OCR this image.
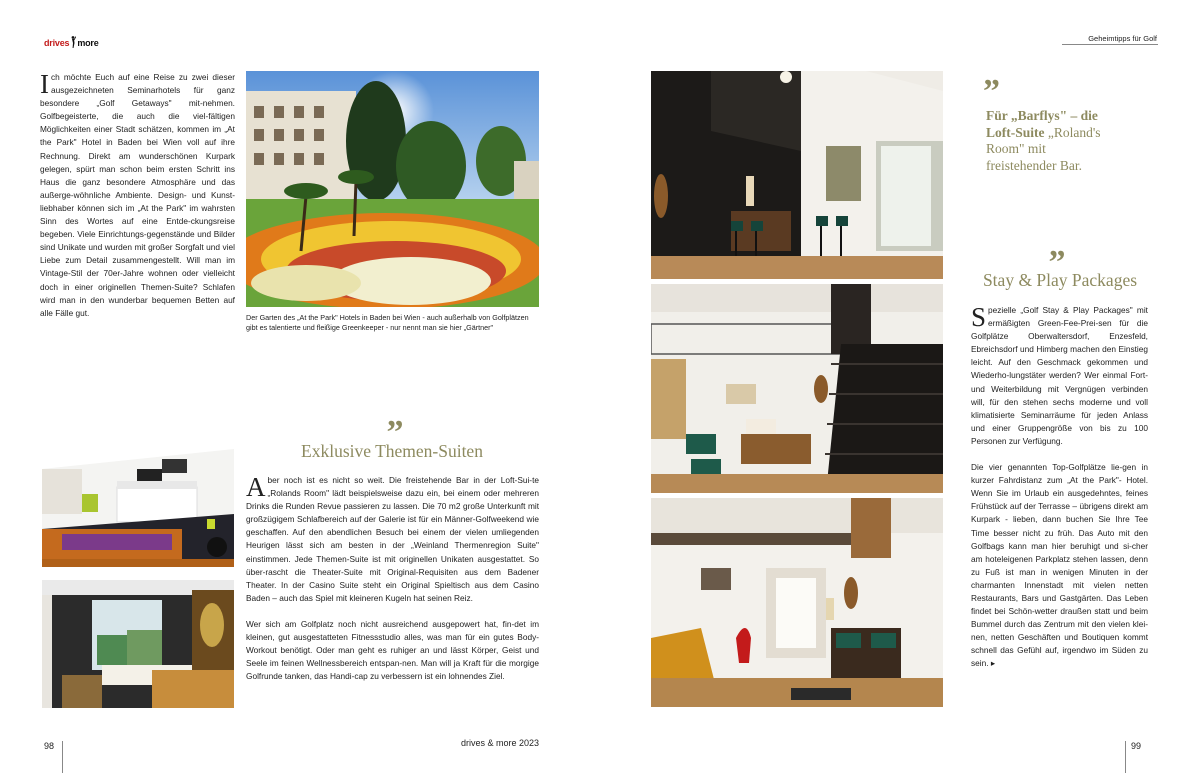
drives more	Geheimtipps für Golf

Ich möchte Euch auf eine Reise zu zwei dieser ausgezeichneten Seminarhotels für ganz besondere „Golf Getaways" mit-nehmen. Golfbegeisterte, die auch die viel-fältigen Möglichkeiten einer Stadt schätzen, kommen im „At the Park" Hotel in Baden bei Wien voll auf ihre Rechnung. Direkt am wunderschönen Kurpark gelegen, spürt man schon beim ersten Schritt ins Haus die ganz besondere Atmosphäre und das außerge-wöhnliche Ambiente. Design- und Kunst-liebhaber können sich im „At the Park" im wahrsten Sinn des Wortes auf eine Entde-ckungsreise begeben. Viele Einrichtungs-gegenstände und Bilder sind Unikate und wurden mit großer Sorgfalt und viel Liebe zum Detail zusammengestellt. Will man im Vintage-Stil der 70er-Jahre wohnen oder vielleicht doch in einer originellen Themen-Suite? Schlafen wird man in den wunderbar bequemen Betten auf alle Fälle gut.	Der Garten des „At the Park" Hotels in Baden bei Wien - auch außerhalb von Golfplätzen gibt es talentierte und fleißige Greenkeeper - nur nennt man sie hier „Gärtner"
”
Exklusive Themen-Suiten

Aber noch ist es nicht so weit. Die freistehende Bar in der Loft-Sui-te „Rolands Room" lädt beispielsweise dazu ein, bei einem oder mehreren Drinks die Runden Revue passieren zu lassen. Die 70 m2 große Unterkunft mit großzügigem Schlafbereich auf der Galerie ist für ein Männer-Golfweekend wie geschaffen. Auf den abendlichen Besuch bei einem der vielen umliegenden Heurigen lässt sich am besten in der „Weinland Thermenregion Suite" einstimmen. Jede Themen-Suite ist mit originellen Unikaten ausgestattet. So über-rascht die Theater-Suite mit Original-Requisiten aus dem Badener Theater. In der Casino Suite steht ein Original Spieltisch aus dem Casino Baden – auch das Spiel mit kleineren Kugeln hat seinen Reiz.

Wer sich am Golfplatz noch nicht ausreichend ausgepowert hat, fin-det im kleinen, gut ausgestatteten Fitnessstudio alles, was man für ein gutes Body-Workout benötigt. Oder man geht es ruhiger an und lässt Körper, Geist und Seele im feinen Wellnessbereich entspan-nen. Man will ja Kraft für die morgige Golfrunde tanken, das Handi-cap zu verbessern ist ein lohnendes Ziel.

98	drives & more 2023
”
Für „Barflys" – die Loft-Suite „Roland's Room" mit freistehender Bar.
”
Stay & Play Packages

Spezielle „Golf Stay & Play Packages" mit ermäßigten Green-Fee-Prei-sen für die Golfplätze Oberwaltersdorf, Enzesfeld, Ebreichsdorf und Himberg machen den Einstieg leicht. Auf den Geschmack gekommen und Wiederho-lungstäter werden? Wer einmal Fort- und Weiterbildung mit Vergnügen verbinden will, für den stehen sechs moderne und voll klimatisierte Seminarräume für jeden Anlass und einer Gruppengröße von bis zu 100 Personen zur Verfügung.

Die vier genannten Top-Golfplätze lie-gen in kurzer Fahrdistanz zum „At the Park"- Hotel. Wenn Sie im Urlaub ein ausgedehntes, feines Frühstück auf der Terrasse – übrigens direkt am Kurpark - lieben, dann buchen Sie Ihre Tee Time besser nicht zu früh. Das Auto mit den Golfbags kann man hier beruhigt und si-cher am hoteleigenen Parkplatz stehen lassen, denn zu Fuß ist man in wenigen Minuten in der charmanten Innenstadt mit vielen netten Restaurants, Bars und Gastgärten. Das Leben findet bei Schön-wetter draußen statt und beim Bummel durch das Zentrum mit den vielen klei-nen, netten Geschäften und Boutiquen kommt schnell das Gefühl auf, irgendwo im Süden zu sein. ▸

99
